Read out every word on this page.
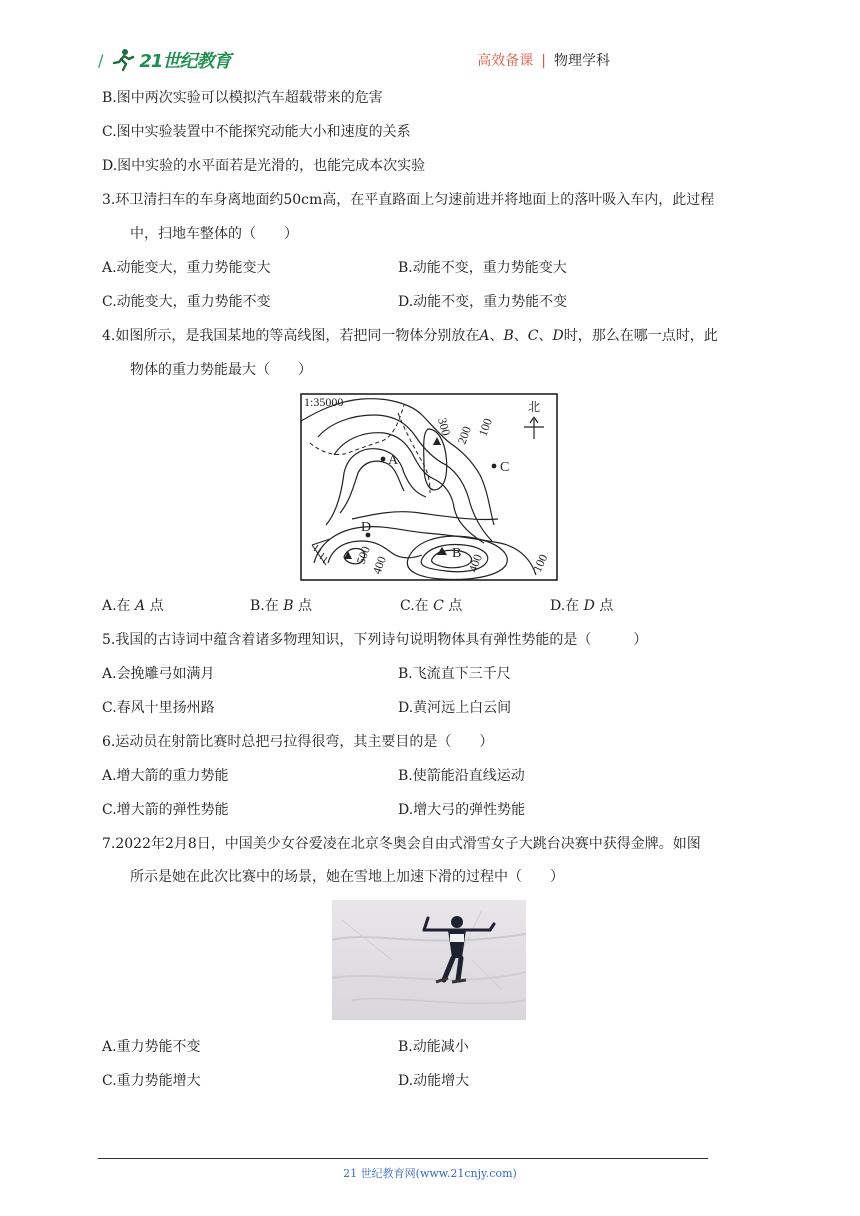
/ 21世纪教育	高效备课 | 物理学科
B.图中两次实验可以模拟汽车超载带来的危害
C.图中实验装置中不能探究动能大小和速度的关系
D.图中实验的水平面若是光滑的，也能完成本次实验
3.环卫清扫车的车身离地面约50cm高，在平直路面上匀速前进并将地面上的落叶吸入车内，此过程
中，扫地车整体的（　　）
A.动能变大，重力势能变大	B.动能不变，重力势能变大
C.动能变大，重力势能不变	D.动能不变，重力势能不变
4.如图所示，是我国某地的等高线图，若把同一物体分别放在A、B、C、D时，那么在哪一点时，此
物体的重力势能最大（　　）
1:35000	北
A
B
C
D
300 200 100
500
400	400	100
A.在 A 点	B.在 B 点	C.在 C 点	D.在 D 点
5.我国的古诗词中蕴含着诸多物理知识，下列诗句说明物体具有弹性势能的是（　　　）
A.会挽雕弓如满月	B.飞流直下三千尺
C.春风十里扬州路	D.黄河远上白云间
6.运动员在射箭比赛时总把弓拉得很弯，其主要目的是（　　）
A.增大箭的重力势能	B.使箭能沿直线运动
C.增大箭的弹性势能	D.增大弓的弹性势能
7.2022年2月8日，中国美少女谷爱凌在北京冬奥会自由式滑雪女子大跳台决赛中获得金牌。如图
所示是她在此次比赛中的场景，她在雪地上加速下滑的过程中（　　）
A.重力势能不变	B.动能减小
C.重力势能增大	D.动能增大
21 世纪教育网(www.21cnjy.com)
